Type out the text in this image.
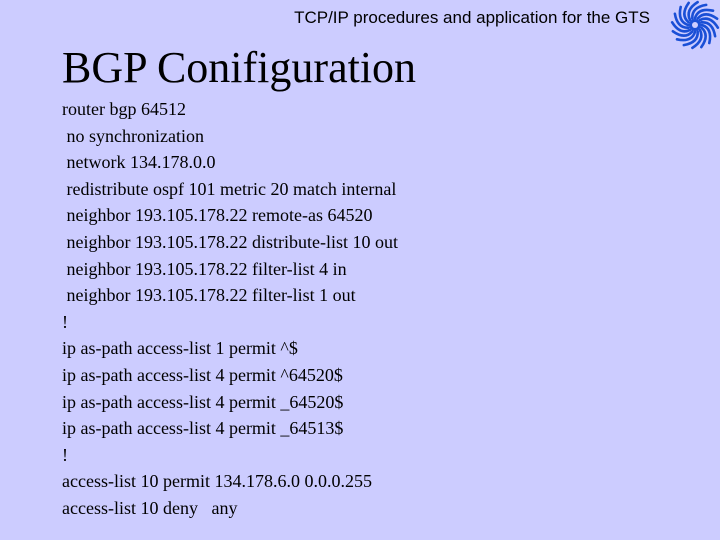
TCP/IP procedures and application for the GTS
BGP Conifiguration
router bgp 64512
no synchronization
network 134.178.0.0
redistribute ospf 101 metric 20 match internal
neighbor 193.105.178.22 remote-as 64520
neighbor 193.105.178.22 distribute-list 10 out
neighbor 193.105.178.22 filter-list 4 in
neighbor 193.105.178.22 filter-list 1 out
!
ip as-path access-list 1 permit ^$
ip as-path access-list 4 permit ^64520$
ip as-path access-list 4 permit _64520$
ip as-path access-list 4 permit _64513$
!
access-list 10 permit 134.178.6.0 0.0.0.255
access-list 10 deny   any
